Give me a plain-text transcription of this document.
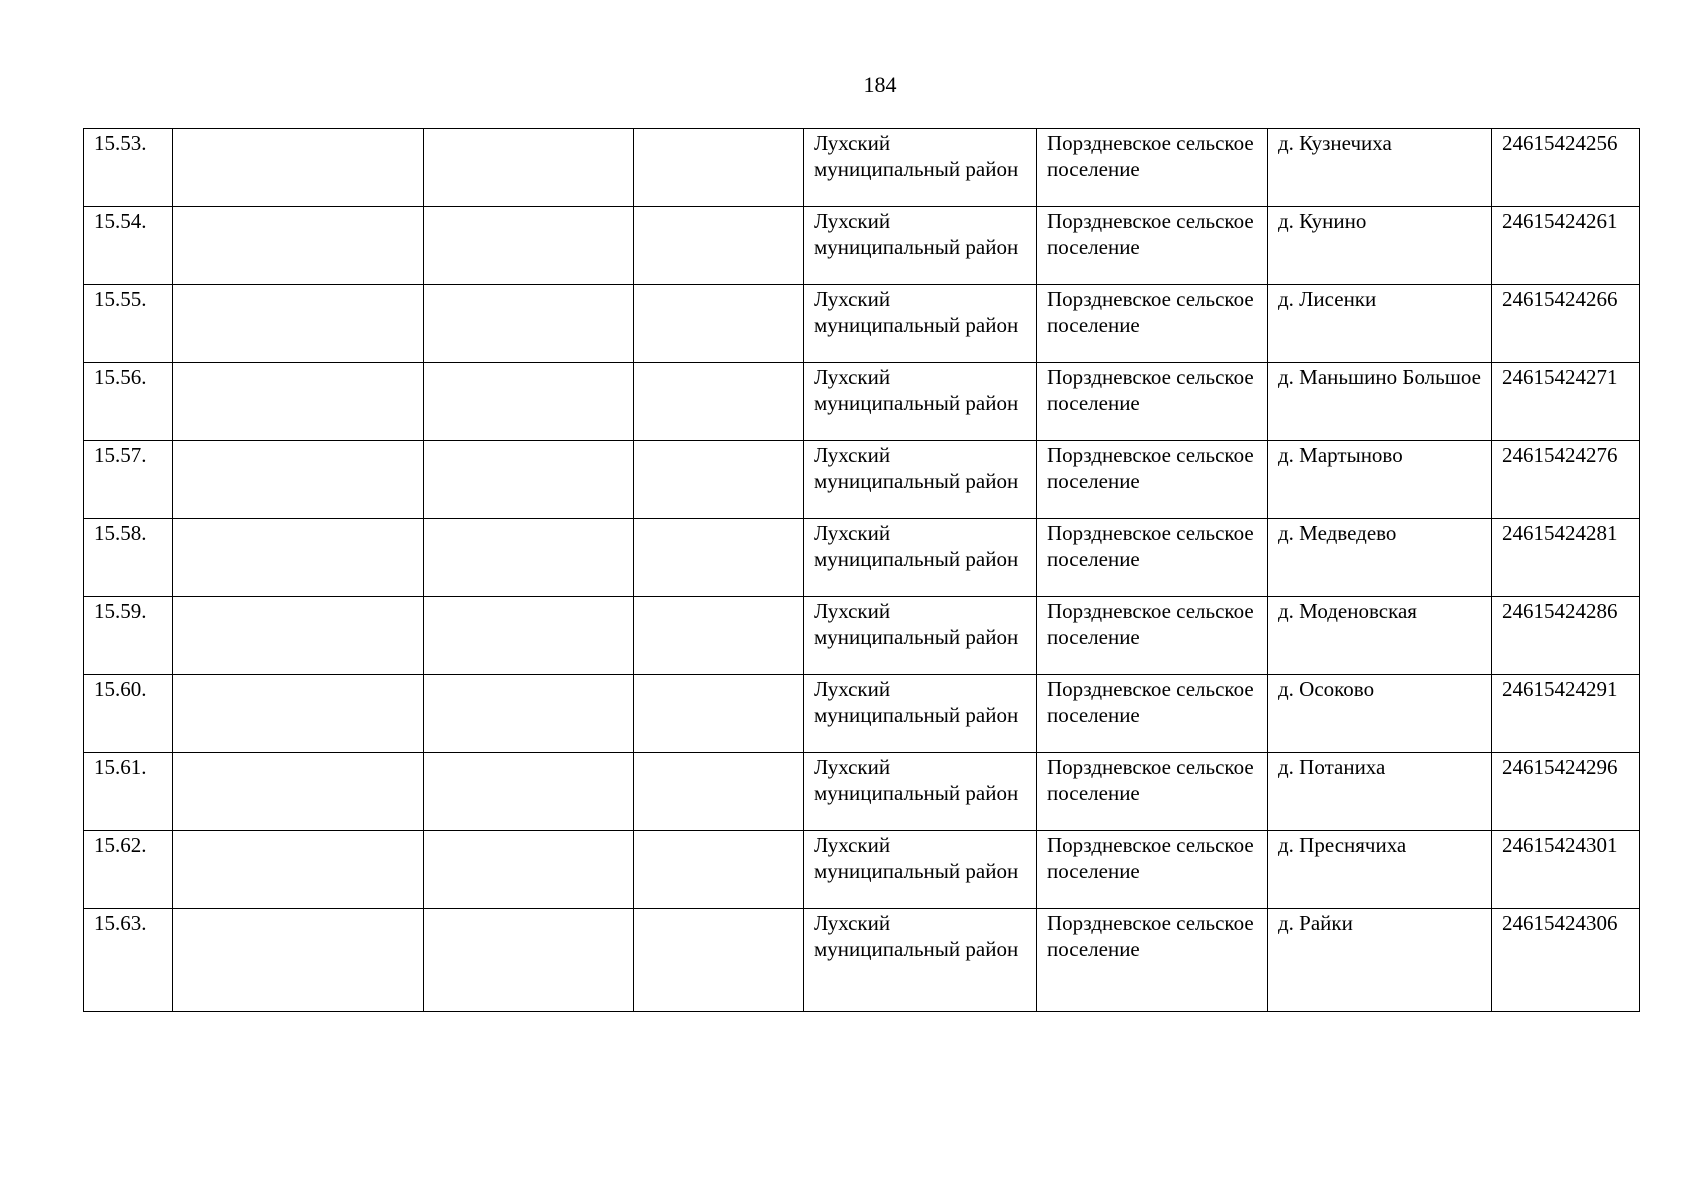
184
15.53.				Лухский муниципальный район	Порздневское сельское поселение	д. Кузнечиха	24615424256
15.54.				Лухский муниципальный район	Порздневское сельское поселение	д. Кунино	24615424261
15.55.				Лухский муниципальный район	Порздневское сельское поселение	д. Лисенки	24615424266
15.56.				Лухский муниципальный район	Порздневское сельское поселение	д. Маньшино Большое	24615424271
15.57.				Лухский муниципальный район	Порздневское сельское поселение	д. Мартыново	24615424276
15.58.				Лухский муниципальный район	Порздневское сельское поселение	д. Медведево	24615424281
15.59.				Лухский муниципальный район	Порздневское сельское поселение	д. Моденовская	24615424286
15.60.				Лухский муниципальный район	Порздневское сельское поселение	д. Осоково	24615424291
15.61.				Лухский муниципальный район	Порздневское сельское поселение	д. Потаниха	24615424296
15.62.				Лухский муниципальный район	Порздневское сельское поселение	д. Преснячиха	24615424301
15.63.				Лухский муниципальный район	Порздневское сельское поселение	д. Райки	24615424306
